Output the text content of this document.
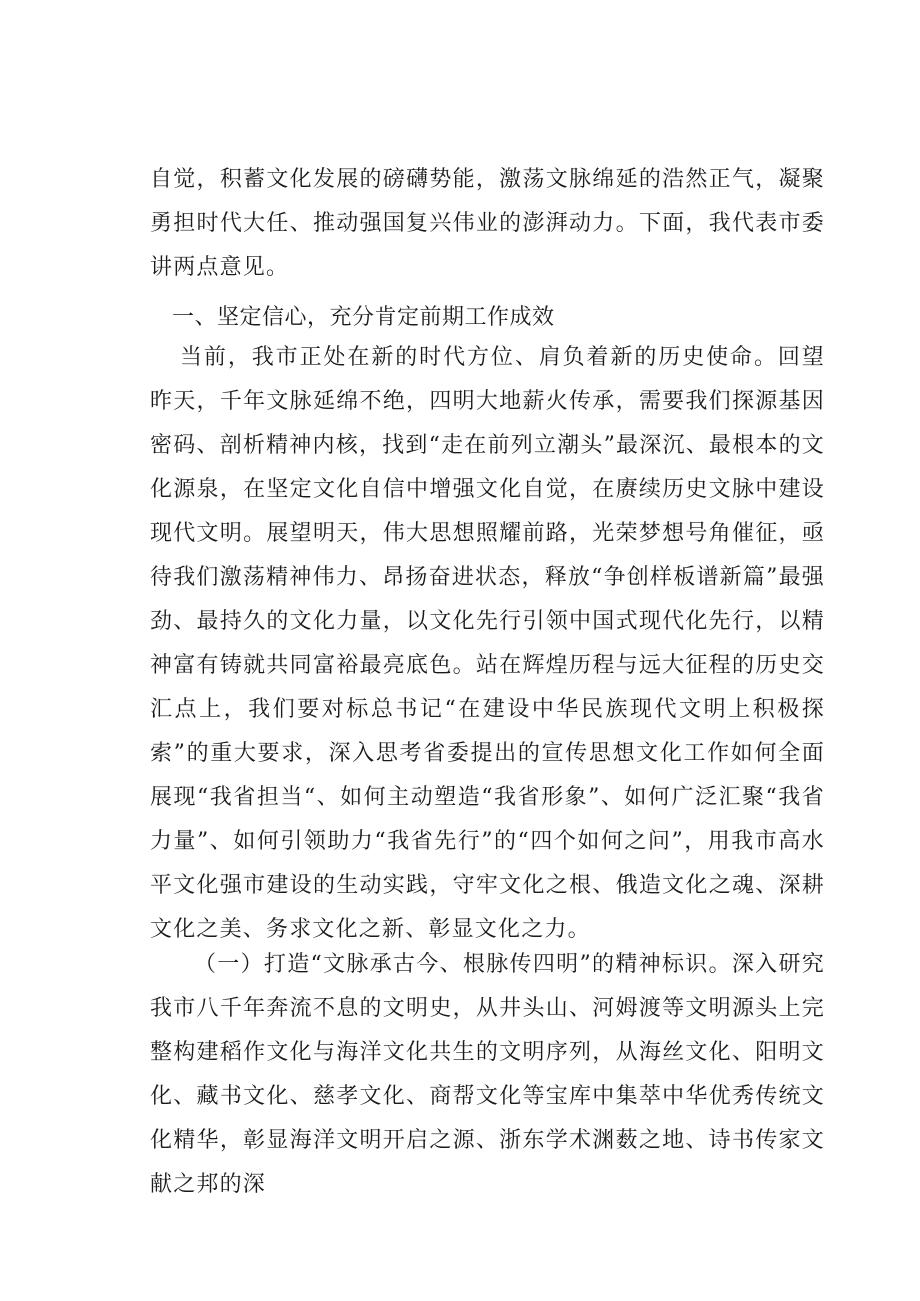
自觉，积蓄文化发展的磅礴势能，激荡文脉绵延的浩然正气，凝聚勇担时代大任、推动强国复兴伟业的澎湃动力。下面，我代表市委讲两点意见。

一、坚定信心，充分肯定前期工作成效

当前，我市正处在新的时代方位、肩负着新的历史使命。回望昨天，千年文脉延绵不绝，四明大地薪火传承，需要我们探源基因密码、剖析精神内核，找到“走在前列立潮头”最深沉、最根本的文化源泉，在坚定文化自信中增强文化自觉，在赓续历史文脉中建设现代文明。展望明天，伟大思想照耀前路，光荣梦想号角催征，亟待我们激荡精神伟力、昂扬奋进状态，释放“争创样板谱新篇”最强劲、最持久的文化力量，以文化先行引领中国式现代化先行，以精神富有铸就共同富裕最亮底色。站在辉煌历程与远大征程的历史交汇点上，我们要对标总书记“在建设中华民族现代文明上积极探索”的重大要求，深入思考省委提出的宣传思想文化工作如何全面展现“我省担当“、如何主动塑造“我省形象”、如何广泛汇聚“我省力量”、如何引领助力“我省先行”的“四个如何之问”，用我市高水平文化强市建设的生动实践，守牢文化之根、俄造文化之魂、深耕文化之美、务求文化之新、彰显文化之力。

（一）打造“文脉承古今、根脉传四明”的精神标识。深入研究我市八千年奔流不息的文明史，从井头山、河姆渡等文明源头上完整构建稻作文化与海洋文化共生的文明序列，从海丝文化、阳明文化、藏书文化、慈孝文化、商帮文化等宝库中集萃中华优秀传统文化精华，彰显海洋文明开启之源、浙东学术渊薮之地、诗书传家文献之邦的深
